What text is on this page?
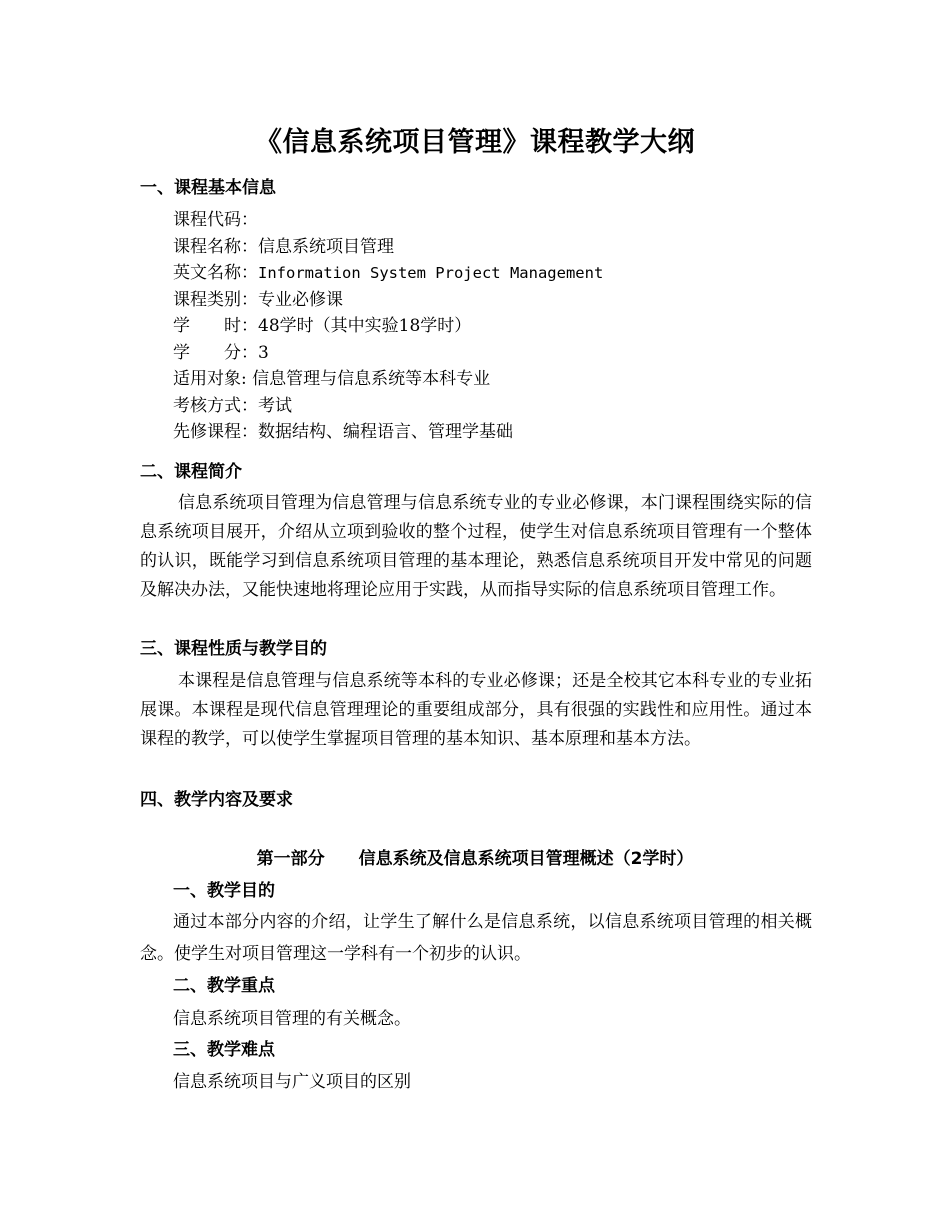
《信息系统项目管理》课程教学大纲
一、课程基本信息
课程代码：
课程名称：信息系统项目管理
英文名称：Information System Project Management
课程类别：专业必修课
学　　时：48学时（其中实验18学时）
学　　分：3
适用对象: 信息管理与信息系统等本科专业
考核方式：考试
先修课程：数据结构、编程语言、管理学基础
二、课程简介
信息系统项目管理为信息管理与信息系统专业的专业必修课，本门课程围绕实际的信息系统项目展开，介绍从立项到验收的整个过程，使学生对信息系统项目管理有一个整体的认识，既能学习到信息系统项目管理的基本理论，熟悉信息系统项目开发中常见的问题及解决办法，又能快速地将理论应用于实践，从而指导实际的信息系统项目管理工作。
三、课程性质与教学目的
本课程是信息管理与信息系统等本科的专业必修课；还是全校其它本科专业的专业拓展课。本课程是现代信息管理理论的重要组成部分，具有很强的实践性和应用性。通过本课程的教学，可以使学生掌握项目管理的基本知识、基本原理和基本方法。
四、教学内容及要求
第一部分　　信息系统及信息系统项目管理概述（2学时）
一、教学目的
通过本部分内容的介绍，让学生了解什么是信息系统，以信息系统项目管理的相关概念。使学生对项目管理这一学科有一个初步的认识。
二、教学重点
信息系统项目管理的有关概念。
三、教学难点
信息系统项目与广义项目的区别
